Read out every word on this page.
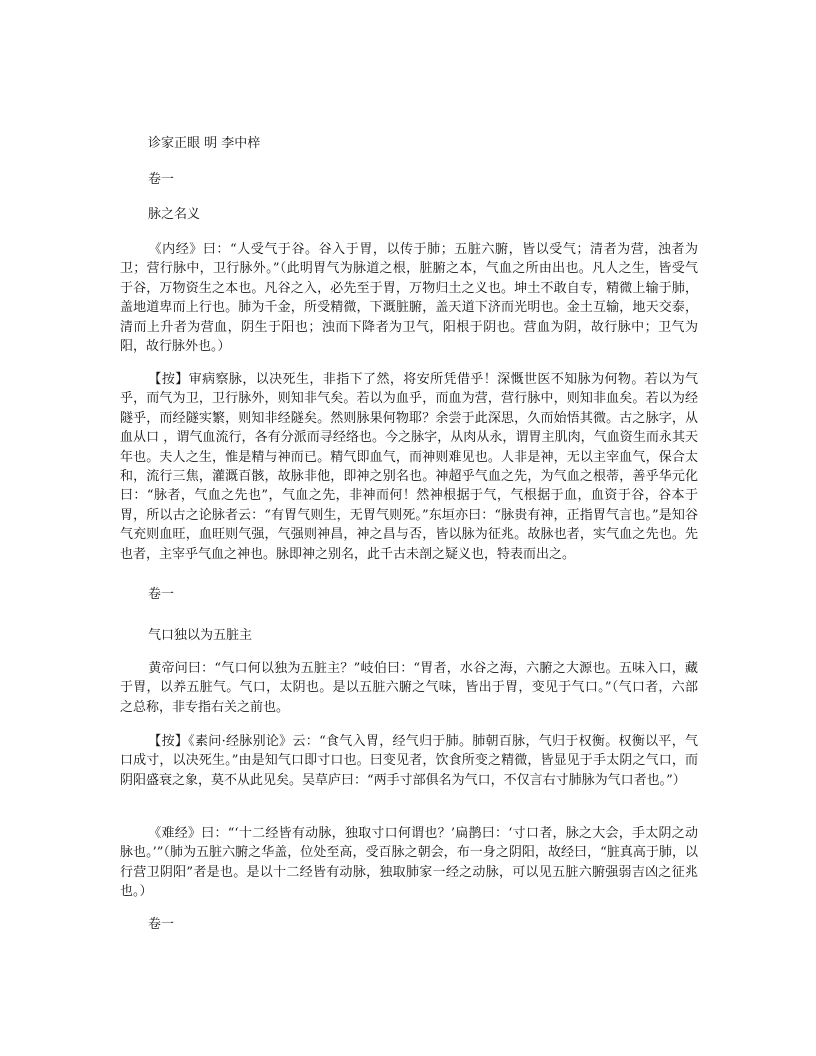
诊家正眼 明 李中梓
卷一
脉之名义
《内经》曰：“人受气于谷。谷入于胃，以传于肺；五脏六腑，皆以受气；清者为营，浊者为卫；营行脉中，卫行脉外。”（此明胃气为脉道之根，脏腑之本，气血之所由出也。凡人之生，皆受气于谷，万物资生之本也。凡谷之入，必先至于胃，万物归土之义也。坤土不敢自专，精微上输于肺，盖地道卑而上行也。肺为千金，所受精微，下溉脏腑，盖天道下济而光明也。金土互输，地天交泰，清而上升者为营血，阴生于阳也；浊而下降者为卫气，阳根于阴也。营血为阴，故行脉中；卫气为阳，故行脉外也。）
【按】审病察脉，以决死生，非指下了然，将安所凭借乎！深慨世医不知脉为何物。若以为气乎，而气为卫，卫行脉外，则知非气矣。若以为血乎，而血为营，营行脉中，则知非血矣。若以为经隧乎，而经隧实繁，则知非经隧矣。然则脉果何物耶？余尝于此深思，久而始悟其微。古之脉字，从血从口 ，谓气血流行，各有分派而寻经络也。今之脉字，从肉从永，谓胃主肌肉，气血资生而永其天年也。夫人之生，惟是精与神而已。精气即血气，而神则难见也。人非是神，无以主宰血气，保合太和，流行三焦，灌溉百骸，故脉非他，即神之别名也。神超乎气血之先，为气血之根蒂，善乎华元化曰：“脉者，气血之先也”，气血之先，非神而何！然神根据于气，气根据于血，血资于谷，谷本于胃，所以古之论脉者云：“有胃气则生，无胃气则死。”东垣亦曰：“脉贵有神，正指胃气言也。”是知谷气充则血旺，血旺则气强，气强则神昌，神之昌与否，皆以脉为征兆。故脉也者，实气血之先也。先也者，主宰乎气血之神也。脉即神之别名，此千古未剖之疑义也，特表而出之。
卷一
气口独以为五脏主
黄帝问曰：“气口何以独为五脏主？”岐伯曰：“胃者，水谷之海，六腑之大源也。五味入口，藏于胃，以养五脏气。气口，太阴也。是以五脏六腑之气味，皆出于胃，变见于气口。”（气口者，六部之总称，非专指右关之前也。
【按】《素问·经脉别论》云：“食气入胃，经气归于肺。肺朝百脉，气归于权衡。权衡以平，气口成寸，以决死生。”由是知气口即寸口也。曰变见者，饮食所变之精微，皆显见于手太阴之气口，而阴阳盛衰之象，莫不从此见矣。吴草庐曰：“两手寸部俱名为气口，不仅言右寸肺脉为气口者也。”）
《难经》曰：“‘十二经皆有动脉，独取寸口何谓也？’扁鹊曰：‘寸口者，脉之大会，手太阴之动脉也。’”（肺为五脏六腑之华盖，位处至高，受百脉之朝会，布一身之阴阳，故经曰，“脏真高于肺，以行营卫阴阳”者是也。是以十二经皆有动脉，独取肺家一经之动脉，可以见五脏六腑强弱吉凶之征兆也。）
卷一
